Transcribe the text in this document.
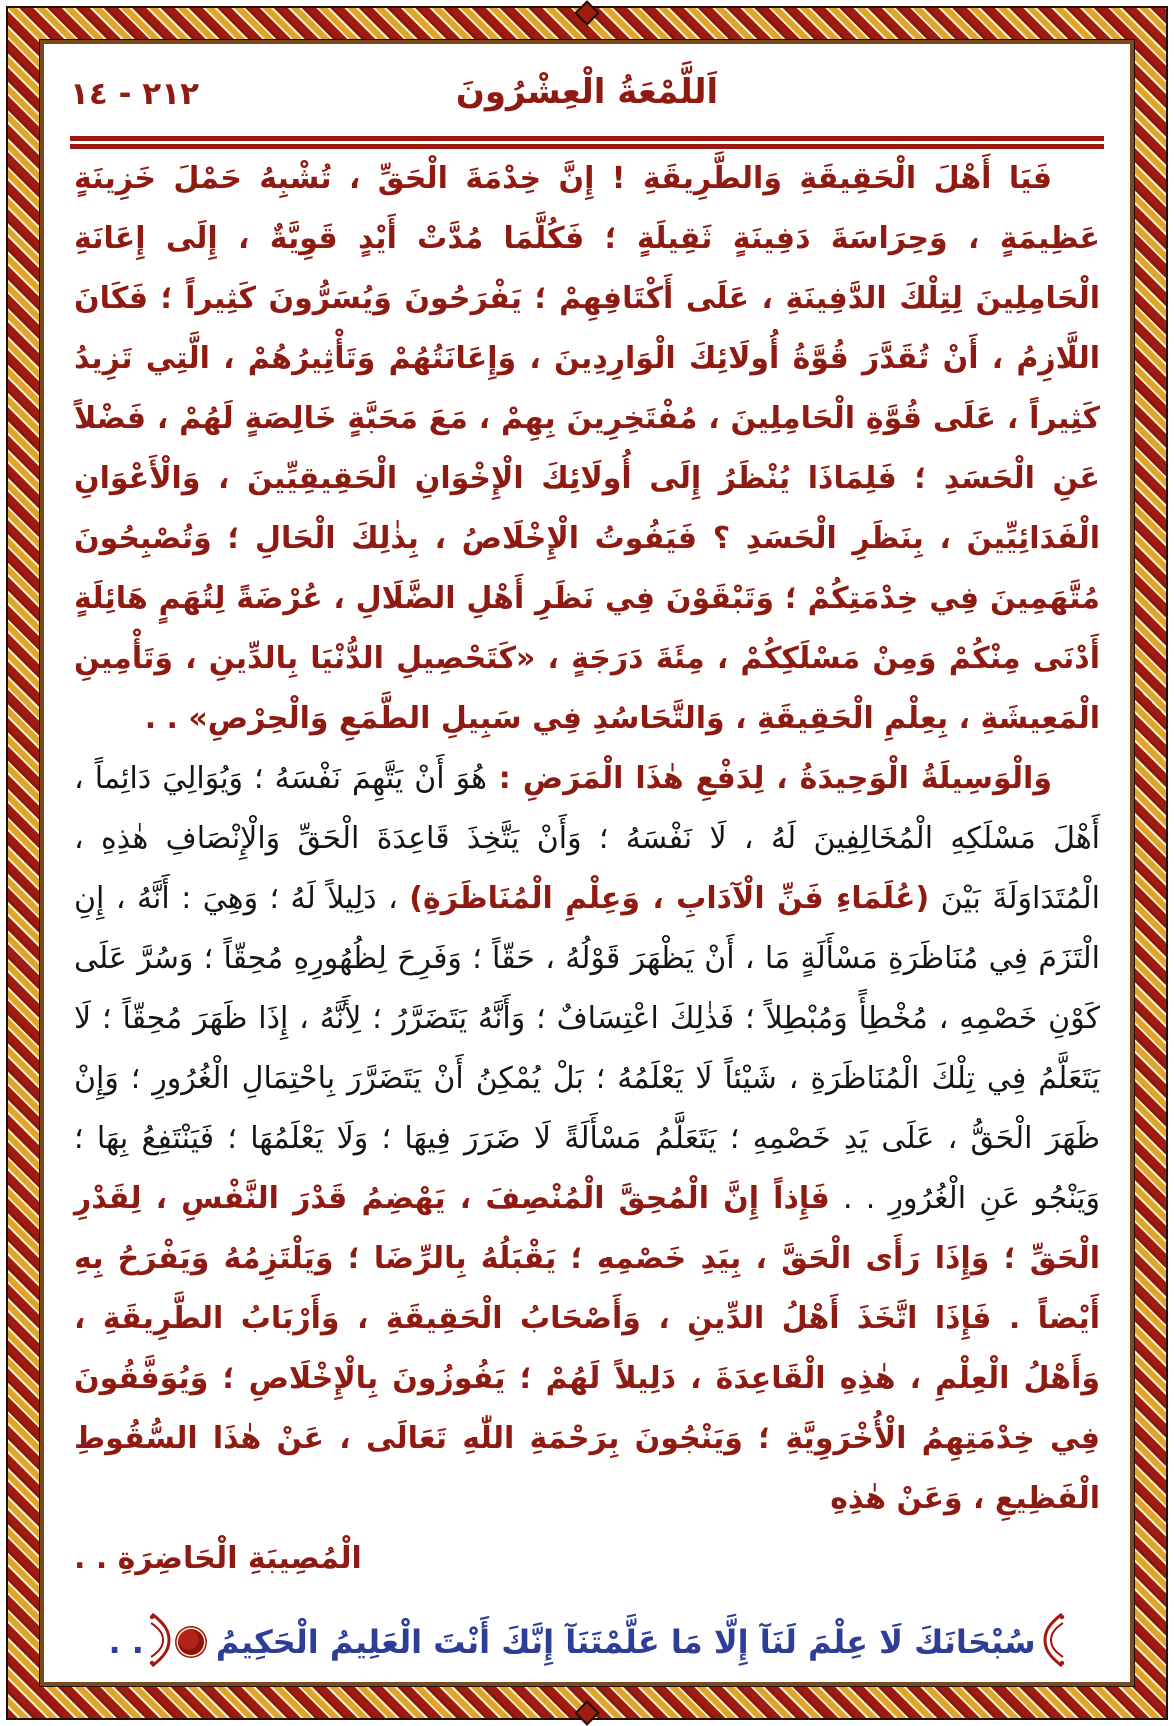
٢١٢ - ١٤	اَللَّمْعَةُ الْعِشْرُونَ

فَيَا أَهْلَ الْحَقِيقَةِ وَالطَّرِيقَةِ ! إِنَّ خِدْمَةَ الْحَقِّ ، تُشْبِهُ حَمْلَ خَزِينَةٍ عَظِيمَةٍ ، وَحِرَاسَةَ دَفِينَةٍ ثَقِيلَةٍ ؛ فَكُلَّمَا مُدَّتْ أَيْدٍ قَوِيَّةٌ ، إِلَى إِعَانَةِ الْحَامِلِينَ لِتِلْكَ الدَّفِينَةِ ، عَلَى أَكْتَافِهِمْ ؛ يَفْرَحُونَ وَيُسَرُّونَ كَثِيراً ؛ فَكَانَ اللَّازِمُ ، أَنْ تُقَدَّرَ قُوَّةُ أُولَائِكَ الْوَارِدِينَ ، وَإِعَانَتُهُمْ وَتَأْثِيرُهُمْ ، الَّتِي تَزِيدُ كَثِيراً ، عَلَى قُوَّةِ الْحَامِلِينَ ، مُفْتَخِرِينَ بِهِمْ ، مَعَ مَحَبَّةٍ خَالِصَةٍ لَهُمْ ، فَضْلاً عَنِ الْحَسَدِ ؛ فَلِمَاذَا يُنْظَرُ إِلَى أُولَائِكَ الْإِخْوَانِ الْحَقِيقِيِّينَ ، وَالْأَعْوَانِ الْفَدَائِيِّينَ ، بِنَظَرِ الْحَسَدِ ؟ فَيَفُوتُ الْإِخْلَاصُ ، بِذٰلِكَ الْحَالِ ؛ وَتُصْبِحُونَ مُتَّهَمِينَ فِي خِدْمَتِكُمْ ؛ وَتَبْقَوْنَ فِي نَظَرِ أَهْلِ الضَّلَالِ ، عُرْضَةً لِتُهَمٍ هَائِلَةٍ أَدْنَى مِنْكُمْ وَمِنْ مَسْلَكِكُمْ ، مِئَةَ دَرَجَةٍ ، «كَتَحْصِيلِ الدُّنْيَا بِالدِّينِ ، وَتَأْمِينِ الْمَعِيشَةِ ، بِعِلْمِ الْحَقِيقَةِ ، وَالتَّحَاسُدِ فِي سَبِيلِ الطَّمَعِ وَالْحِرْصِ» . .

وَالْوَسِيلَةُ الْوَحِيدَةُ ، لِدَفْعِ هٰذَا الْمَرَضِ : هُوَ أَنْ يَتَّهِمَ نَفْسَهُ ؛ وَيُوَالِيَ دَائِماً ، أَهْلَ مَسْلَكِهِ الْمُخَالِفِينَ لَهُ ، لَا نَفْسَهُ ؛ وَأَنْ يَتَّخِذَ قَاعِدَةَ الْحَقِّ وَالْإِنْصَافِ هٰذِهِ ، الْمُتَدَاوَلَةَ بَيْنَ (عُلَمَاءِ فَنِّ الْآدَابِ ، وَعِلْمِ الْمُنَاظَرَةِ) ، دَلِيلاً لَهُ ؛ وَهِيَ : أَنَّهُ ، إِنِ الْتَزَمَ فِي مُنَاظَرَةِ مَسْأَلَةٍ مَا ، أَنْ يَظْهَرَ قَوْلُهُ ، حَقّاً ؛ وَفَرِحَ لِظُهُورِهِ مُحِقّاً ؛ وَسُرَّ عَلَى كَوْنِ خَصْمِهِ ، مُخْطِأً وَمُبْطِلاً ؛ فَذٰلِكَ اعْتِسَافٌ ؛ وَأَنَّهُ يَتَضَرَّرُ ؛ لِأَنَّهُ ، إِذَا ظَهَرَ مُحِقّاً ؛ لَا يَتَعَلَّمُ فِي تِلْكَ الْمُنَاظَرَةِ ، شَيْئاً لَا يَعْلَمُهُ ؛ بَلْ يُمْكِنُ أَنْ يَتَضَرَّرَ بِاحْتِمَالِ الْغُرُورِ ؛ وَإِنْ ظَهَرَ الْحَقُّ ، عَلَى يَدِ خَصْمِهِ ؛ يَتَعَلَّمُ مَسْأَلَةً لَا ضَرَرَ فِيهَا ؛ وَلَا يَعْلَمُهَا ؛ فَيَنْتَفِعُ بِهَا ؛ وَيَنْجُو عَنِ الْغُرُورِ . . فَإِذاً إِنَّ الْمُحِقَّ الْمُنْصِفَ ، يَهْضِمُ قَدْرَ النَّفْسِ ، لِقَدْرِ الْحَقِّ ؛ وَإِذَا رَأَى الْحَقَّ ، بِيَدِ خَصْمِهِ ؛ يَقْبَلُهُ بِالرِّضَا ؛ وَيَلْتَزِمُهُ وَيَفْرَحُ بِهِ أَيْضاً . فَإِذَا اتَّخَذَ أَهْلُ الدِّينِ ، وَأَصْحَابُ الْحَقِيقَةِ ، وَأَرْبَابُ الطَّرِيقَةِ ، وَأَهْلُ الْعِلْمِ ، هٰذِهِ الْقَاعِدَةَ ، دَلِيلاً لَهُمْ ؛ يَفُوزُونَ بِالْإِخْلَاصِ ؛ وَيُوَفَّقُونَ فِي خِدْمَتِهِمُ الْأُخْرَوِيَّةِ ؛ وَيَنْجُونَ بِرَحْمَةِ اللّٰهِ تَعَالَى ، عَنْ هٰذَا السُّقُوطِ الْفَظِيعِ ، وَعَنْ هٰذِهِ

الْمُصِيبَةِ الْحَاضِرَةِ . .
سُبْحَانَكَ لَا عِلْمَ لَنَآ إِلَّا مَا عَلَّمْتَنَآ إِنَّكَ أَنْتَ الْعَلِيمُ الْحَكِيمُ. .
